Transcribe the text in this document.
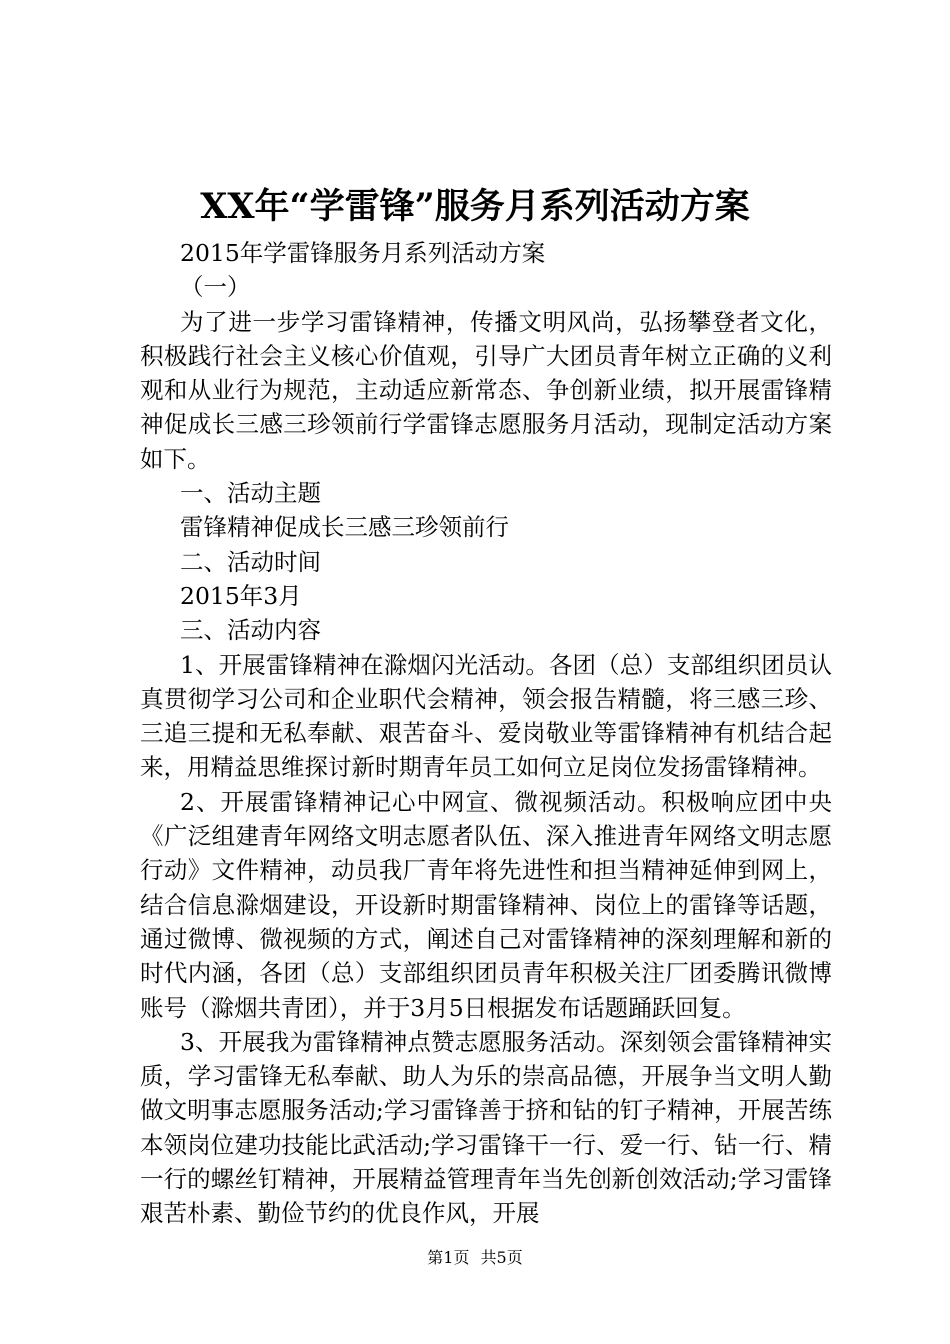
XX年“学雷锋”服务月系列活动方案

2015年学雷锋服务月系列活动方案

（一）

为了进一步学习雷锋精神，传播文明风尚，弘扬攀登者文化，积极践行社会主义核心价值观，引导广大团员青年树立正确的义利观和从业行为规范，主动适应新常态、争创新业绩，拟开展雷锋精神促成长三感三珍领前行学雷锋志愿服务月活动，现制定活动方案如下。

一、活动主题

雷锋精神促成长三感三珍领前行

二、活动时间

2015年3月

三、活动内容

1、开展雷锋精神在滁烟闪光活动。各团（总）支部组织团员认真贯彻学习公司和企业职代会精神，领会报告精髓，将三感三珍、三追三提和无私奉献、艰苦奋斗、爱岗敬业等雷锋精神有机结合起来，用精益思维探讨新时期青年员工如何立足岗位发扬雷锋精神。

2、开展雷锋精神记心中网宣、微视频活动。积极响应团中央《广泛组建青年网络文明志愿者队伍、深入推进青年网络文明志愿行动》文件精神，动员我厂青年将先进性和担当精神延伸到网上，结合信息滁烟建设，开设新时期雷锋精神、岗位上的雷锋等话题，通过微博、微视频的方式，阐述自己对雷锋精神的深刻理解和新的时代内涵，各团（总）支部组织团员青年积极关注厂团委腾讯微博账号（滁烟共青团），并于3月5日根据发布话题踊跃回复。

3、开展我为雷锋精神点赞志愿服务活动。深刻领会雷锋精神实质，学习雷锋无私奉献、助人为乐的崇高品德，开展争当文明人勤做文明事志愿服务活动;学习雷锋善于挤和钻的钉子精神，开展苦练本领岗位建功技能比武活动;学习雷锋干一行、爱一行、钻一行、精一行的螺丝钉精神，开展精益管理青年当先创新创效活动;学习雷锋艰苦朴素、勤俭节约的优良作风，开展

第1页 共5页
